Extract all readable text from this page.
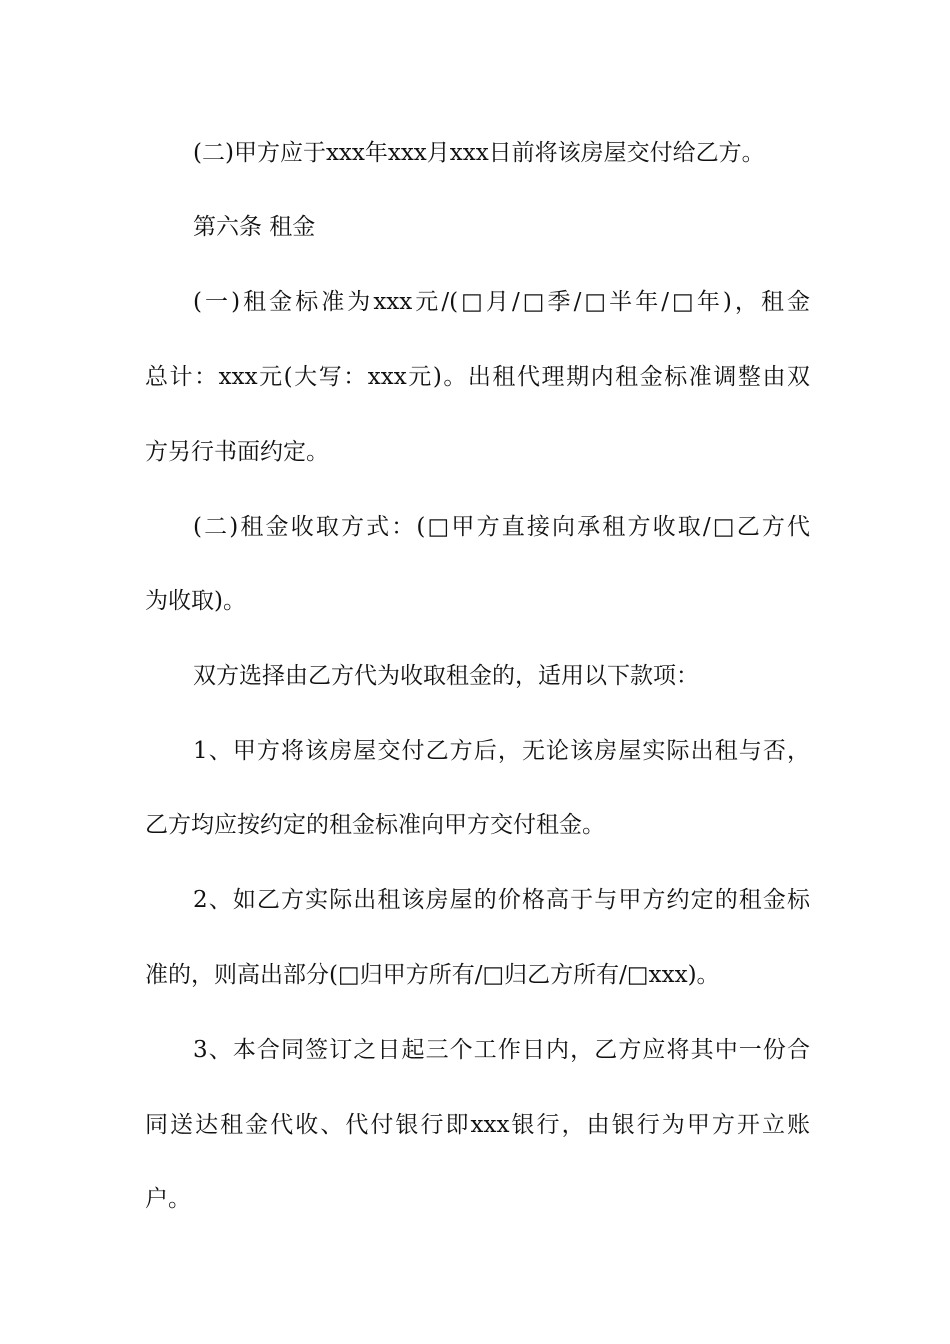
(二)甲方应于xxx年xxx月xxx日前将该房屋交付给乙方。
第六条 租金
(一)租金标准为xxx元/(□月/□季/□半年/□年)，租金
总计：xxx元(大写：xxx元)。出租代理期内租金标准调整由双
方另行书面约定。
(二)租金收取方式：(□甲方直接向承租方收取/□乙方代
为收取)。
双方选择由乙方代为收取租金的，适用以下款项：
1、甲方将该房屋交付乙方后，无论该房屋实际出租与否，
乙方均应按约定的租金标准向甲方交付租金。
2、如乙方实际出租该房屋的价格高于与甲方约定的租金标
准的，则高出部分(□归甲方所有/□归乙方所有/□xxx)。
3、本合同签订之日起三个工作日内，乙方应将其中一份合
同送达租金代收、代付银行即xxx银行，由银行为甲方开立账
户。
